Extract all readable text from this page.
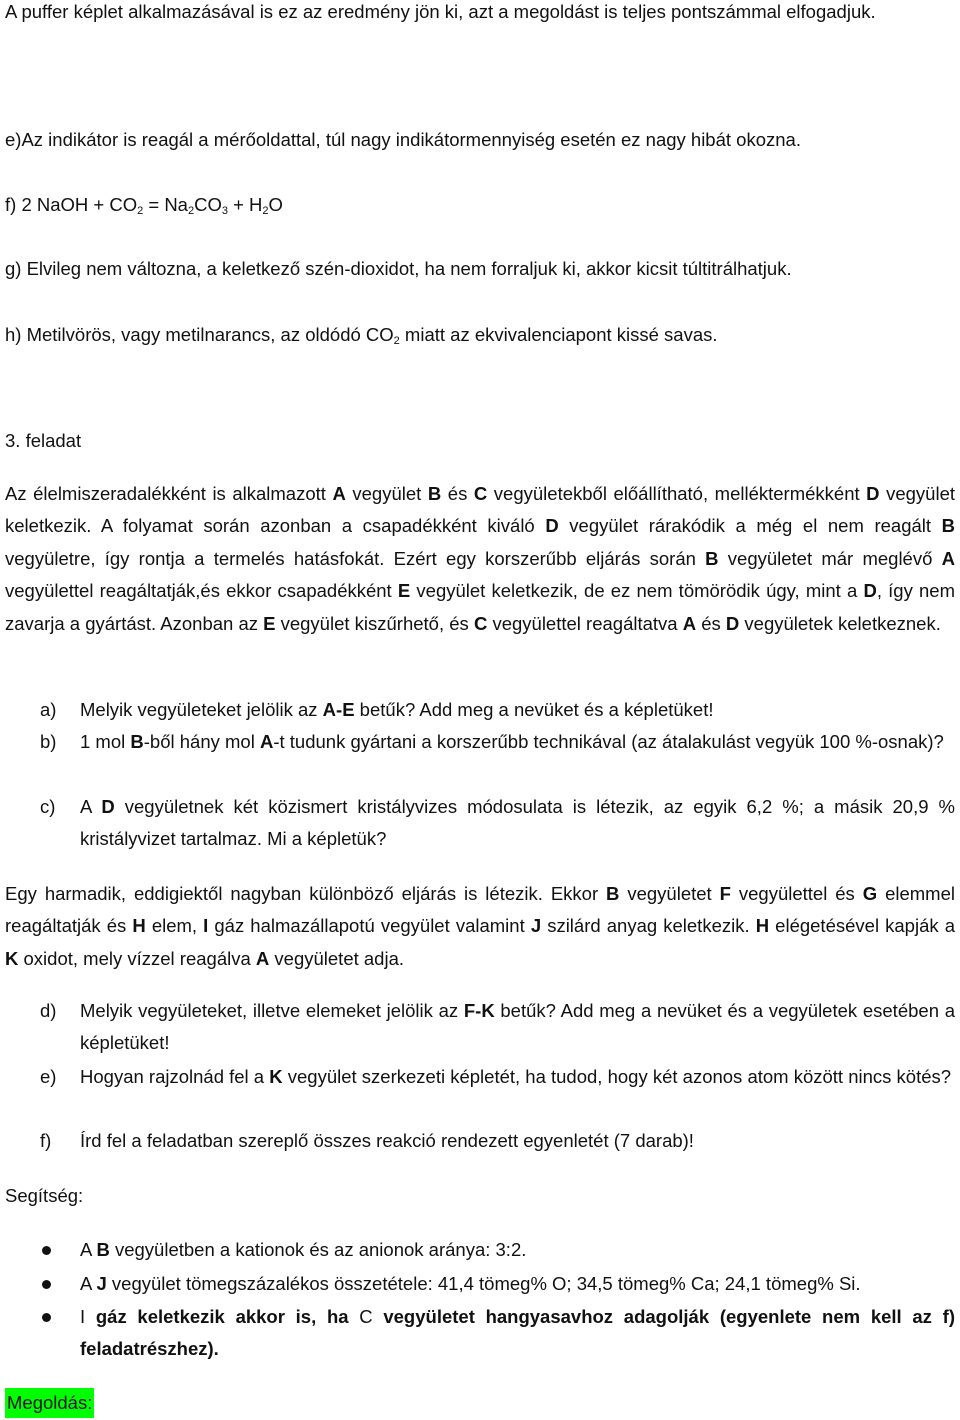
A puffer képlet alkalmazásával is ez az eredmény jön ki, azt a megoldást is teljes pontszámmal elfogadjuk.

e)Az indikátor is reagál a mérőoldattal, túl nagy indikátormennyiség esetén ez nagy hibát okozna.

f) 2 NaOH + $CO_2 = Na_2CO_3 + H_2O$

g) Elvileg nem változna, a keletkező szén-dioxidot, ha nem forraljuk ki, akkor kicsit túltitrálhatjuk.

h) Metilvörös, vagy metilnarancs, az oldódó $CO_2$ miatt az ekvivalenciapont kissé savas.

3. feladat

Az élelmiszeradalékként is alkalmazott A vegyület B és C vegyületekből előállítható, melléktermékként D vegyület keletkezik. A folyamat során azonban a csapadékként kiváló D vegyület rárakódik a még el nem reagált B vegyületre, így rontja a termelés hatásfokát. Ezért egy korszerűbb eljárás során B vegyületet már meglévő A vegyülettel reagáltatják,és ekkor csapadékként E vegyület keletkezik, de ez nem tömörödik úgy, mint a D, így nem zavarja a gyártást. Azonban az E vegyület kiszűrhető, és C vegyülettel reagáltatva A és D vegyületek keletkeznek.

a) Melyik vegyületeket jelölik az A-E betűk? Add meg a nevüket és a képletüket!
b) 1 mol B-ből hány mol A-t tudunk gyártani a korszerűbb technikával (az átalakulást vegyük 100 %-osnak)?
c) A D vegyületnek két közismert kristályvizes módosulata is létezik, az egyik 6,2 %; a másik 20,9 % kristályvizet tartalmaz. Mi a képletük?

Egy harmadik, eddigiektől nagyban különböző eljárás is létezik. Ekkor B vegyületet F vegyülettel és G elemmel reagáltatják és H elem, I gáz halmazállapotú vegyület valamint J szilárd anyag keletkezik. H elégetésével kapják a K oxidot, mely vízzel reagálva A vegyületet adja.

d) Melyik vegyületeket, illetve elemeket jelölik az F-K betűk? Add meg a nevüket és a vegyületek esetében a képletüket!
e) Hogyan rajzolnád fel a K vegyület szerkezeti képletét, ha tudod, hogy két azonos atom között nincs kötés?
f) Írd fel a feladatban szereplő összes reakció rendezett egyenletét (7 darab)!

Segítség:

A B vegyületben a kationok és az anionok aránya: 3:2.
A J vegyület tömegszázalékos összetétele: 41,4 tömeg% O; 34,5 tömeg% Ca; 24,1 tömeg% Si.
I gáz keletkezik akkor is, ha C vegyületet hangyasavhoz adagolják (egyenlete nem kell az f) feladatrészhez).
Megoldás:
